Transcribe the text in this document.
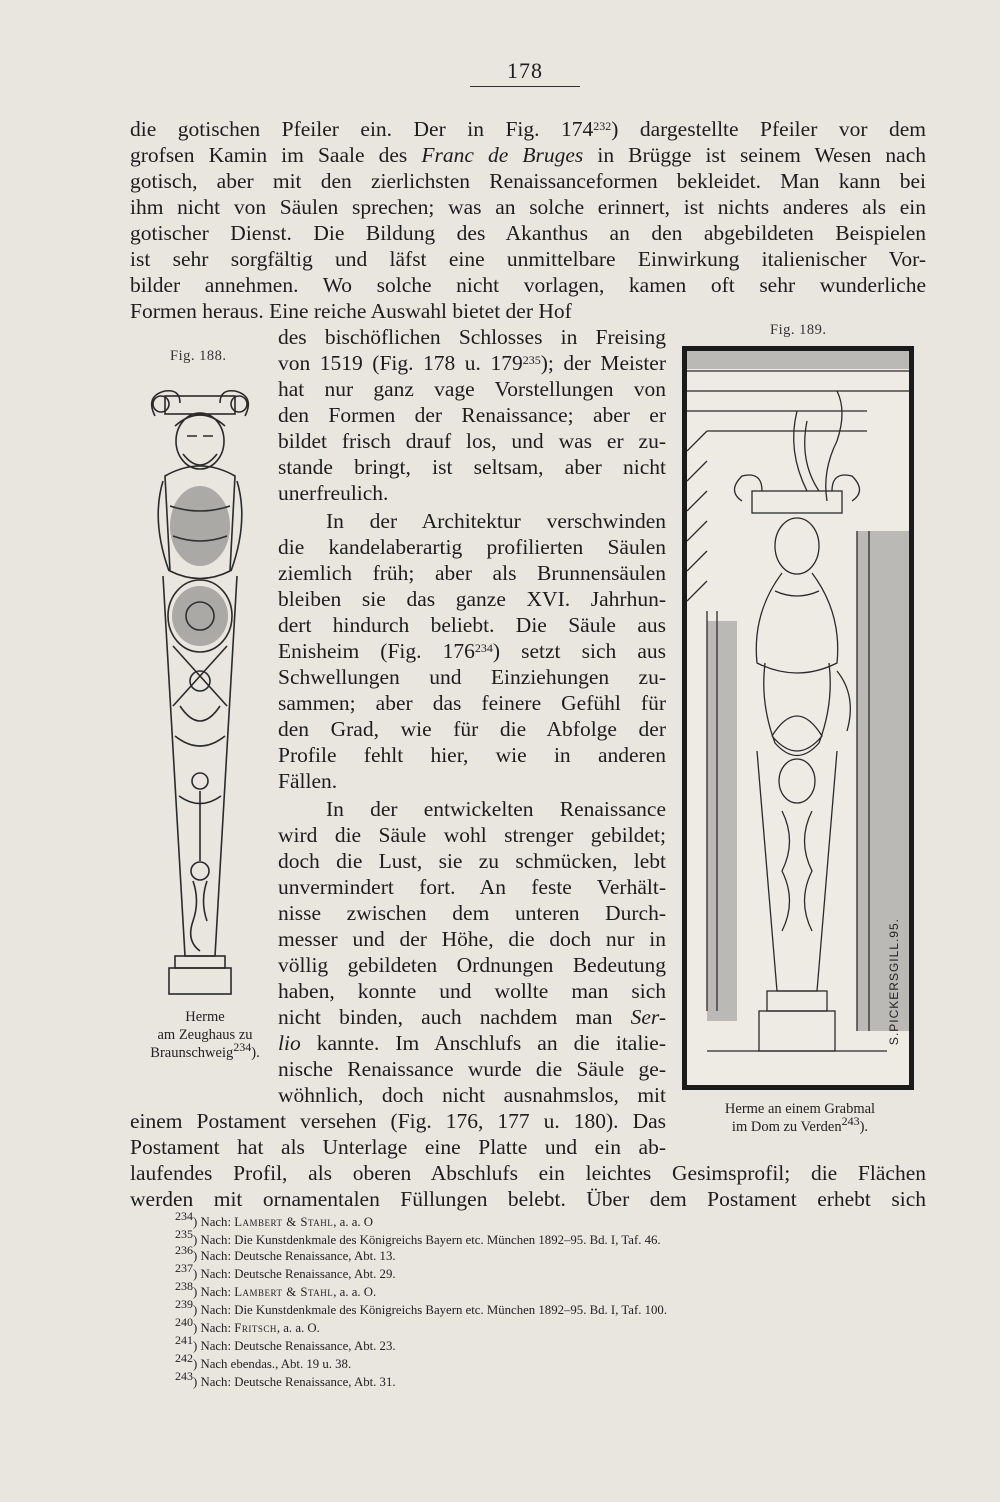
178
die gotischen Pfeiler ein. Der in Fig. $174^{232}$) dargestellte Pfeiler vor dem
grofsen Kamin im Saale des Franc de Bruges in Brügge ist seinem Wesen nach
gotisch, aber mit den zierlichsten Renaissanceformen bekleidet. Man kann bei
ihm nicht von Säulen sprechen; was an solche erinnert, ist nichts anderes als ein
gotischer Dienst. Die Bildung des Akanthus an den abgebildeten Beispielen
ist sehr sorgfältig und läfst eine unmittelbare Einwirkung italienischer Vor-
bilder annehmen. Wo solche nicht vorlagen, kamen oft sehr wunderliche
Formen heraus. Eine reiche Auswahl bietet der Hof
des bischöflichen Schlosses in Freising
von 1519 (Fig. 178 u. $179^{235}$); der Meister
hat nur ganz vage Vorstellungen von
den Formen der Renaissance; aber er
bildet frisch drauf los, und was er zu-
stande bringt, ist seltsam, aber nicht
unerfreulich.
In der Architektur verschwinden
die kandelaberartig profilierten Säulen
ziemlich früh; aber als Brunnensäulen
bleiben sie das ganze XVI. Jahrhun-
dert hindurch beliebt. Die Säule aus
Enisheim (Fig. $176^{234}$) setzt sich aus
Schwellungen und Einziehungen zu-
sammen; aber das feinere Gefühl für
den Grad, wie für die Abfolge der
Profile fehlt hier, wie in anderen
Fällen.
In der entwickelten Renaissance
wird die Säule wohl strenger gebildet;
doch die Lust, sie zu schmücken, lebt
unvermindert fort. An feste Verhält-
nisse zwischen dem unteren Durch-
messer und der Höhe, die doch nur in
völlig gebildeten Ordnungen Bedeutung
haben, konnte und wollte man sich
nicht binden, auch nachdem man Ser-
lio kannte. Im Anschlufs an die italie-
nische Renaissance wurde die Säule ge-
wöhnlich, doch nicht ausnahmslos, mit
einem Postament versehen (Fig. 176, 177 u. 180). Das
Postament hat als Unterlage eine Platte und ein ab-
laufendes Profil, als oberen Abschlufs ein leichtes Gesimsprofil; die Flächen
werden mit ornamentalen Füllungen belebt. Über dem Postament erhebt sich
Fig. 188.
Herme
am Zeughaus zu
Braunschweig$^{234}$).
Fig. 189.
S.PICKERSGILL.95.
Herme an einem Grabmal
im Dom zu Verden$^{243}$).
$^{234}$) Nach: Lambert & Stahl, a. a. O
$^{235}$) Nach: Die Kunstdenkmale des Königreichs Bayern etc. München 1892–95. Bd. I, Taf. 46.
$^{236}$) Nach: Deutsche Renaissance, Abt. 13.
$^{237}$) Nach: Deutsche Renaissance, Abt. 29.
$^{238}$) Nach: Lambert & Stahl, a. a. O.
$^{239}$) Nach: Die Kunstdenkmale des Königreichs Bayern etc. München 1892–95. Bd. I, Taf. 100.
$^{240}$) Nach: Fritsch, a. a. O.
$^{241}$) Nach: Deutsche Renaissance, Abt. 23.
$^{242}$) Nach ebendas., Abt. 19 u. 38.
$^{243}$) Nach: Deutsche Renaissance, Abt. 31.
